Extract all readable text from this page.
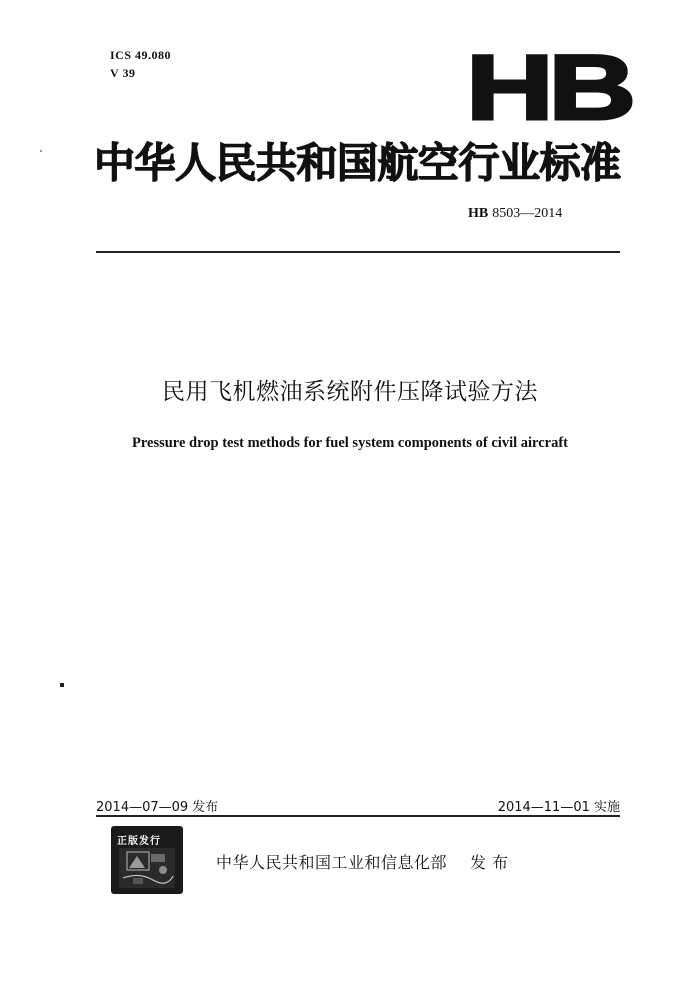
ICS 49.080
V 39	HB
中华人民共和国航空行业标准
HB 8503—2014
民用飞机燃油系统附件压降试验方法
Pressure drop test methods for fuel system components of civil aircraft
2014—07—09 发布	2014—11—01 实施
正版发行
中华人民共和国工业和信息化部 发布
